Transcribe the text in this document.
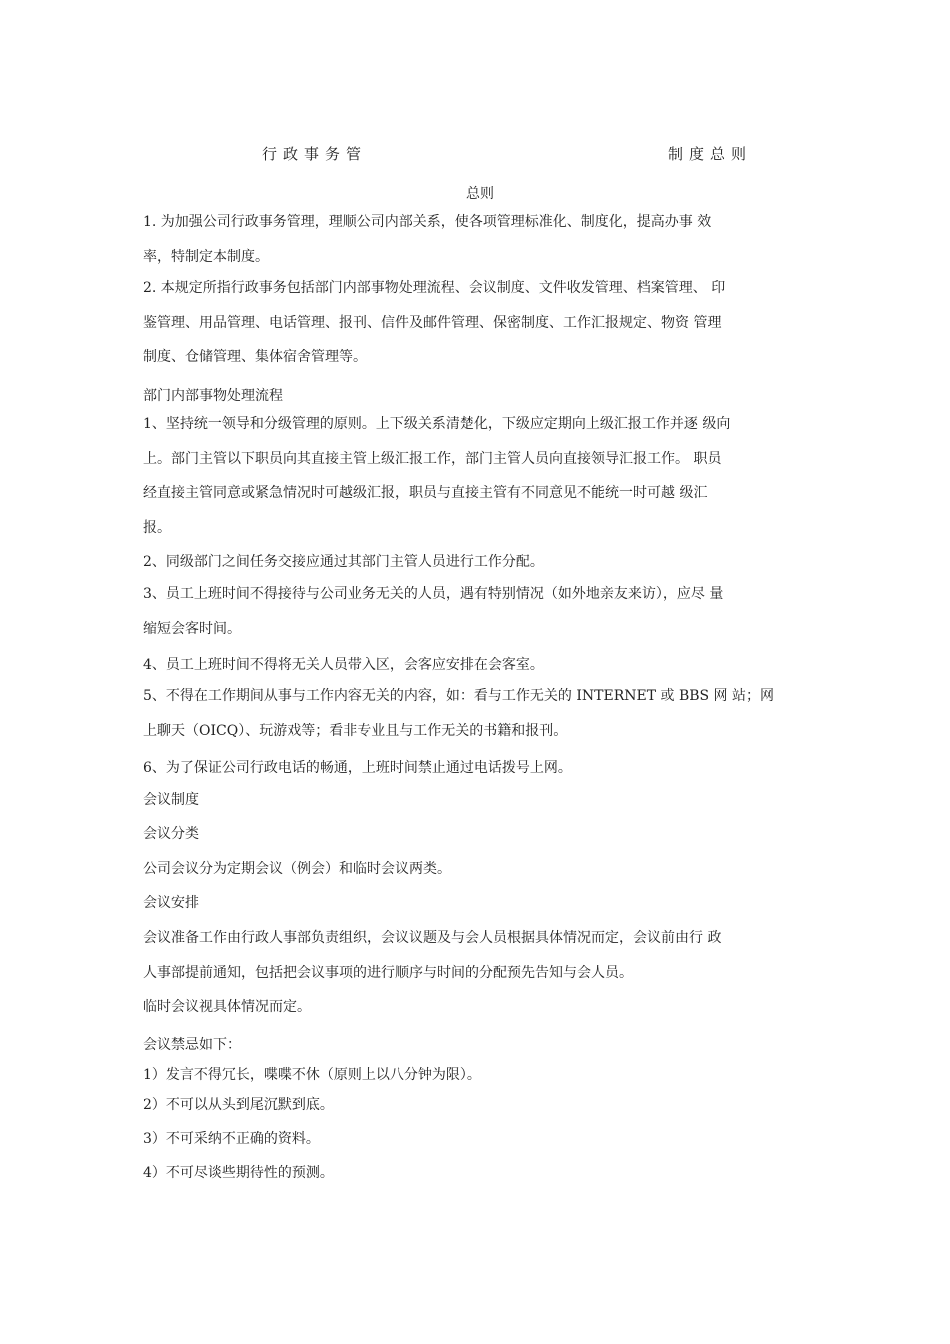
行政事务管	制度总则
总则
1. 为加强公司行政事务管理，理顺公司内部关系，使各项管理标准化、制度化，提高办事 效
率，特制定本制度。
2. 本规定所指行政事务包括部门内部事物处理流程、会议制度、文件收发管理、档案管理、 印
鉴管理、用品管理、电话管理、报刊、信件及邮件管理、保密制度、工作汇报规定、物资 管理
制度、仓储管理、集体宿舍管理等。
部门内部事物处理流程
1、坚持统一领导和分级管理的原则。上下级关系清楚化，下级应定期向上级汇报工作并逐 级向
上。部门主管以下职员向其直接主管上级汇报工作，部门主管人员向直接领导汇报工作。 职员
经直接主管同意或紧急情况时可越级汇报，职员与直接主管有不同意见不能统一时可越 级汇
报。
2、同级部门之间任务交接应通过其部门主管人员进行工作分配。
3、员工上班时间不得接待与公司业务无关的人员，遇有特别情况（如外地亲友来访），应尽 量
缩短会客时间。
4、员工上班时间不得将无关人员带入区，会客应安排在会客室。
5、不得在工作期间从事与工作内容无关的内容，如：看与工作无关的 INTERNET 或 BBS 网 站；网
上聊天（OICQ）、玩游戏等；看非专业且与工作无关的书籍和报刊。
6、为了保证公司行政电话的畅通，上班时间禁止通过电话拨号上网。
会议制度
会议分类
公司会议分为定期会议（例会）和临时会议两类。
会议安排
会议准备工作由行政人事部负责组织，会议议题及与会人员根据具体情况而定，会议前由行 政
人事部提前通知，包括把会议事项的进行顺序与时间的分配预先告知与会人员。
临时会议视具体情况而定。
会议禁忌如下：
1）发言不得冗长，喋喋不休（原则上以八分钟为限）。
2）不可以从头到尾沉默到底。
3）不可采纳不正确的资料。
4）不可尽谈些期待性的预测。
